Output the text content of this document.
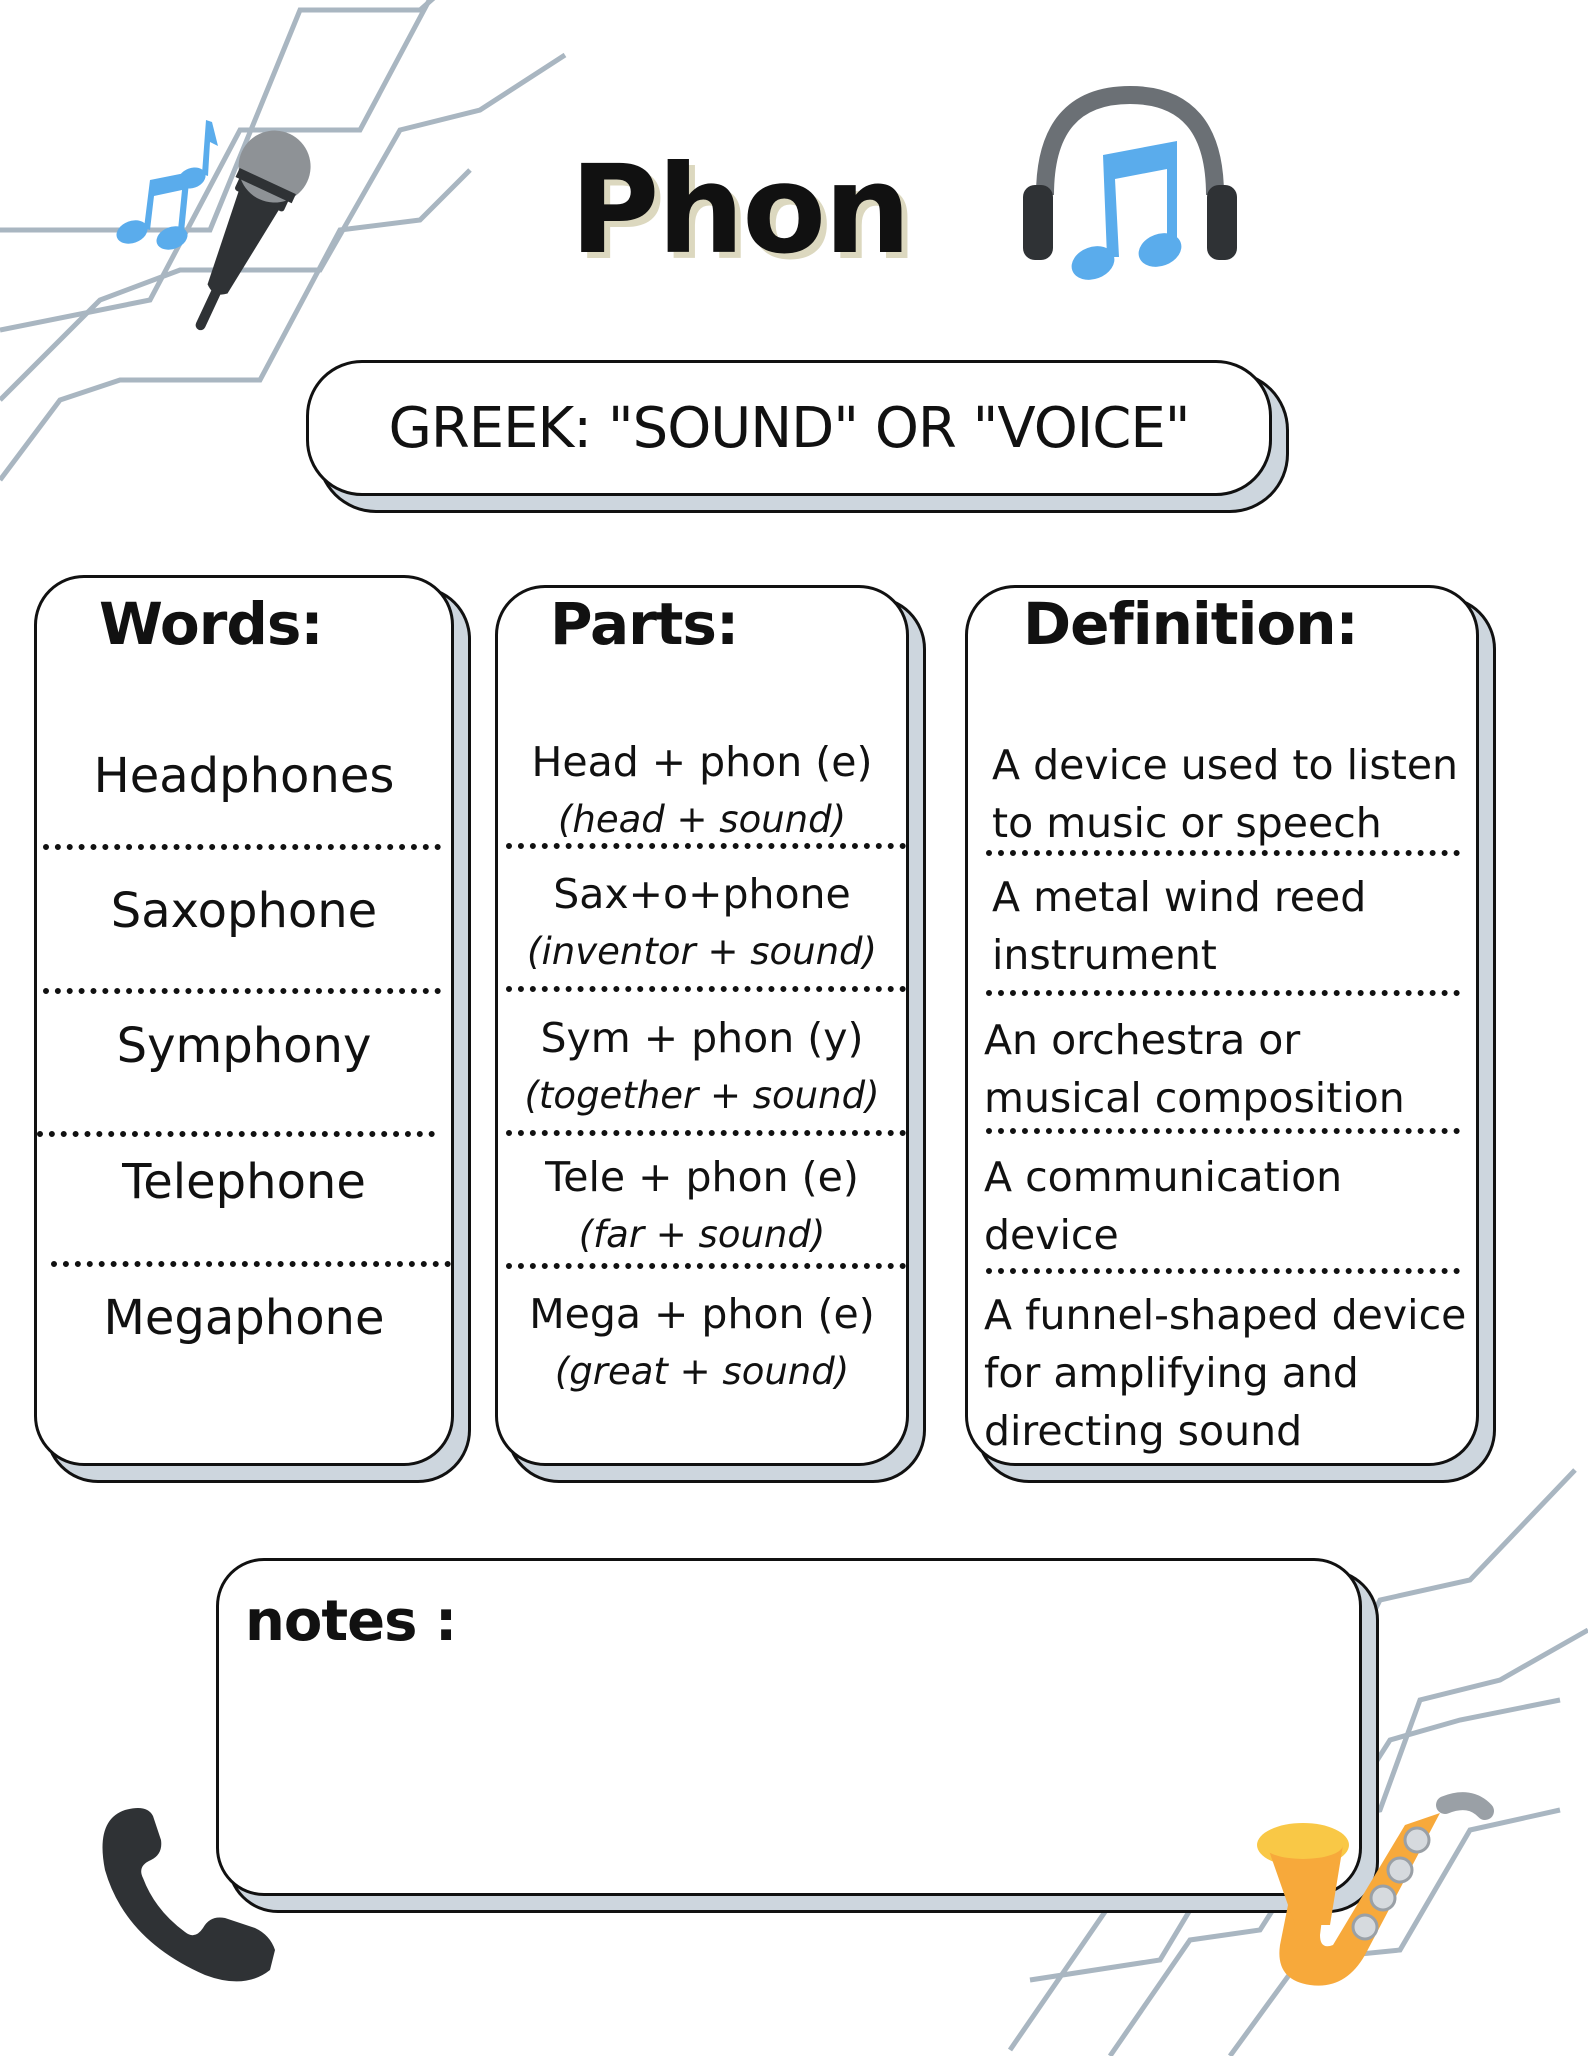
Phon
GREEK: "SOUND" OR "VOICE"
Words:
Headphones
Saxophone
Symphony
Telephone
Megaphone
Parts:
Head + phon (e)
(head + sound)
Sax+o+phone
(inventor + sound)
Sym + phon (y)
(together + sound)
Tele + phon (e)
(far + sound)
Mega + phon (e)
(great + sound)
Definition:
A device used to listen
to music or speech
A metal wind reed
instrument
An orchestra or
musical composition
A communication
device
A funnel-shaped device
for amplifying and
directing sound
notes :
